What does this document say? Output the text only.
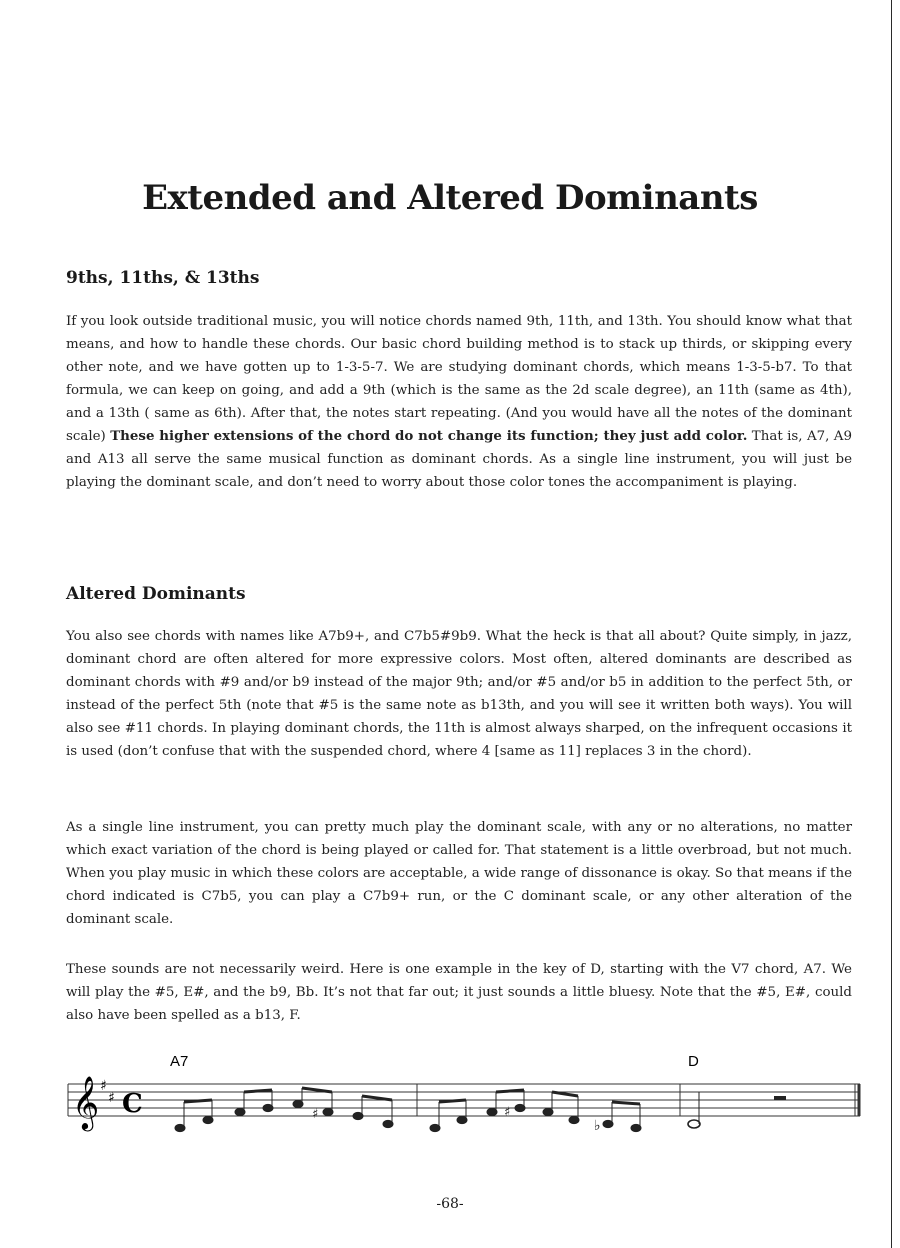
Extended and Altered Dominants
9ths, 11ths, & 13ths

If you look outside traditional music, you will notice chords named 9th, 11th, and 13th. You should know what that means, and how to handle these chords. Our basic chord building method is to stack up thirds, or skipping every other note, and we have gotten up to 1-3-5-7. We are studying dominant chords, which means 1-3-5-b7. To that formula, we can keep on going, and add a 9th (which is the same as the 2d scale degree), an 11th (same as 4th), and a 13th ( same as 6th). After that, the notes start repeating. (And you would have all the notes of the dominant scale) These higher extensions of the chord do not change its function; they just add color. That is, A7, A9 and A13 all serve the same musical function as dominant chords. As a single line instrument, you will just be playing the dominant scale, and don’t need to worry about those color tones the accompaniment is playing.

Altered Dominants

You also see chords with names like A7b9+, and C7b5#9b9. What the heck is that all about? Quite simply, in jazz, dominant chord are often altered for more expressive colors. Most often, altered dominants are described as dominant chords with #9 and/or b9 instead of the major 9th; and/or #5 and/or b5 in addition to the perfect 5th, or instead of the perfect 5th (note that #5 is the same note as b13th, and you will see it written both ways). You will also see #11 chords. In playing dominant chords, the 11th is almost always sharped, on the infrequent occasions it is used (don’t confuse that with the suspended chord, where 4 [same as 11] replaces 3 in the chord).

As a single line instrument, you can pretty much play the dominant scale, with any or no alterations, no matter which exact variation of the chord is being played or called for. That statement is a little overbroad, but not much. When you play music in which these colors are acceptable, a wide range of dissonance is okay. So that means if the chord indicated is C7b5, you can play a C7b9+ run, or the C dominant scale, or any other alteration of the dominant scale.

These sounds are not necessarily weird. Here is one example in the key of D, starting with the V7 chord, A7. We will play the #5, E#, and the b9, Bb. It’s not that far out; it just sounds a little bluesy. Note that the #5, E#, could also have been spelled as a b13, F.

𝄞 ♯
♯ C
A7	D
♯	♯
♭
-68-
